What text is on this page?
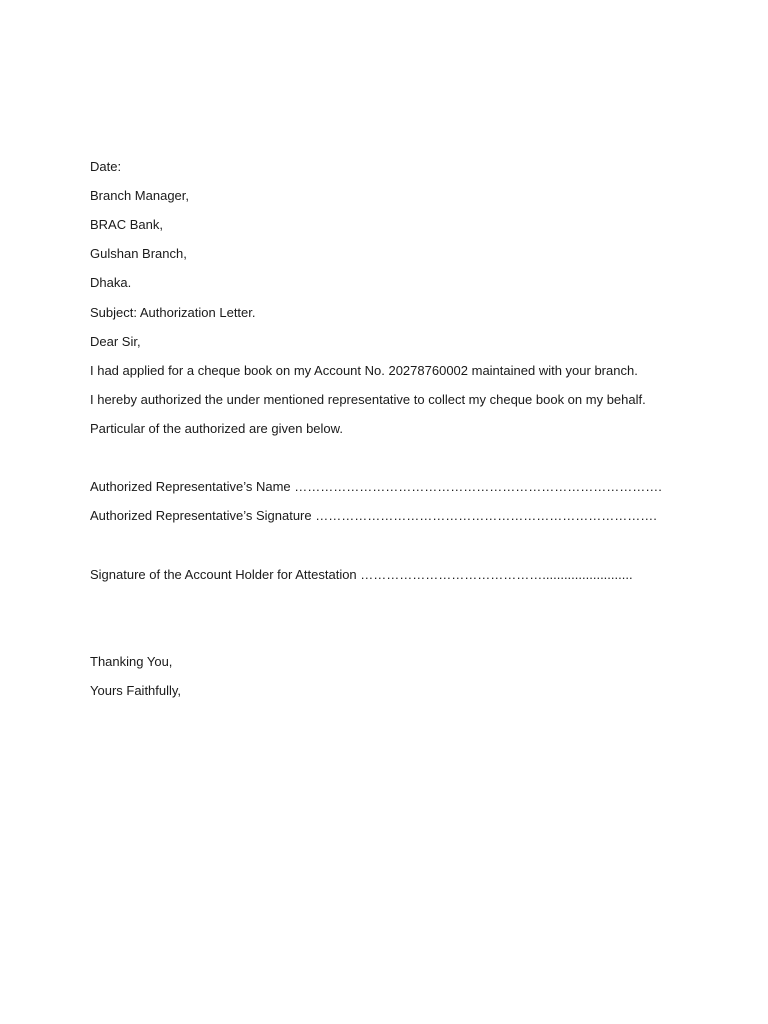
Date:
Branch Manager,
BRAC Bank,
Gulshan Branch,
Dhaka.
Subject: Authorization Letter.
Dear Sir,
I had applied for a cheque book on my Account No. 20278760002 maintained with your branch.
I hereby authorized the under mentioned representative to collect my cheque book on my behalf.
Particular of the authorized are given below.
Authorized Representative’s Name ………………………………………………………………………….
Authorized Representative’s Signature …………………………………………………………………….
Signature of the Account Holder for Attestation …………………………………….........................
Thanking You,
Yours Faithfully,
